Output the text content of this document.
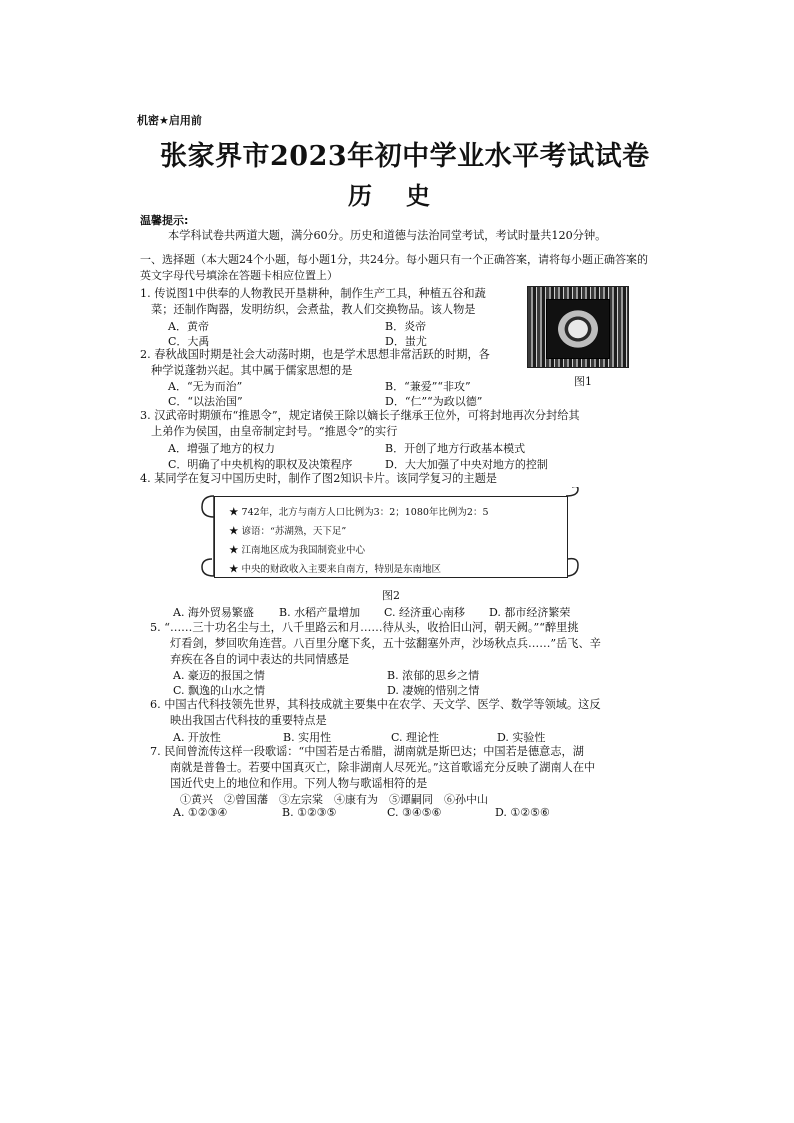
机密★启用前
张家界市2023年初中学业水平考试试卷
历史
温馨提示:
本学科试卷共两道大题，满分60分。历史和道德与法治同堂考试，考试时量共120分钟。
一、选择题（本大题24个小题，每小题1分，共24分。每小题只有一个正确答案，请将每小题正确答案的英文字母代号填涂在答题卡相应位置上）
1. 传说图1中供奉的人物教民开垦耕种，制作生产工具，种植五谷和蔬
菜；还制作陶器，发明纺织，会煮盐，教人们交换物品。该人物是
A．黄帝	B．炎帝
C．大禹	D．蚩尤
图1
2. 春秋战国时期是社会大动荡时期，也是学术思想非常活跃的时期，各
种学说蓬勃兴起。其中属于儒家思想的是
A．“无为而治”	B．“兼爱”“非攻”
C．“以法治国”	D．“仁”“为政以德”
3. 汉武帝时期颁布“推恩令”，规定诸侯王除以嫡长子继承王位外，可将封地再次分封给其
上弟作为侯国，由皇帝制定封号。“推恩令”的实行
A．增强了地方的权力	B．开创了地方行政基本模式
C．明确了中央机构的职权及决策程序	D．大大加强了中央对地方的控制
4. 某同学在复习中国历史时，制作了图2知识卡片。该同学复习的主题是
★ 742年，北方与南方人口比例为3：2；1080年比例为2：5
★ 谚语：“苏湖熟，天下足”
★ 江南地区成为我国制瓷业中心
★ 中央的财政收入主要来自南方，特别是东南地区
图2
A. 海外贸易繁盛 B. 水稻产量增加 C. 经济重心南移 D. 都市经济繁荣
5. “……三十功名尘与土，八千里路云和月……待从头，收拾旧山河，朝天阙。”“醉里挑
灯看剑，梦回吹角连营。八百里分麾下炙，五十弦翻塞外声，沙场秋点兵……”岳飞、辛
弃疾在各自的词中表达的共同情感是
A. 豪迈的报国之情	B. 浓郁的思乡之情
C. 飘逸的山水之情	D. 凄婉的惜别之情
6. 中国古代科技领先世界，其科技成就主要集中在农学、天文学、医学、数学等领域。这反
映出我国古代科技的重要特点是
A. 开放性	B. 实用性	C. 理论性	D. 实验性
7. 民间曾流传这样一段歌谣：“中国若是古希腊，湖南就是斯巴达；中国若是德意志，湖
南就是普鲁士。若要中国真灭亡，除非湖南人尽死光。”这首歌谣充分反映了湖南人在中
国近代史上的地位和作用。下列人物与歌谣相符的是
①黄兴　②曾国藩　③左宗棠　④康有为　⑤谭嗣同　⑥孙中山
A. ①②③④	B. ①②③⑤	C. ③④⑤⑥	D. ①②⑤⑥
